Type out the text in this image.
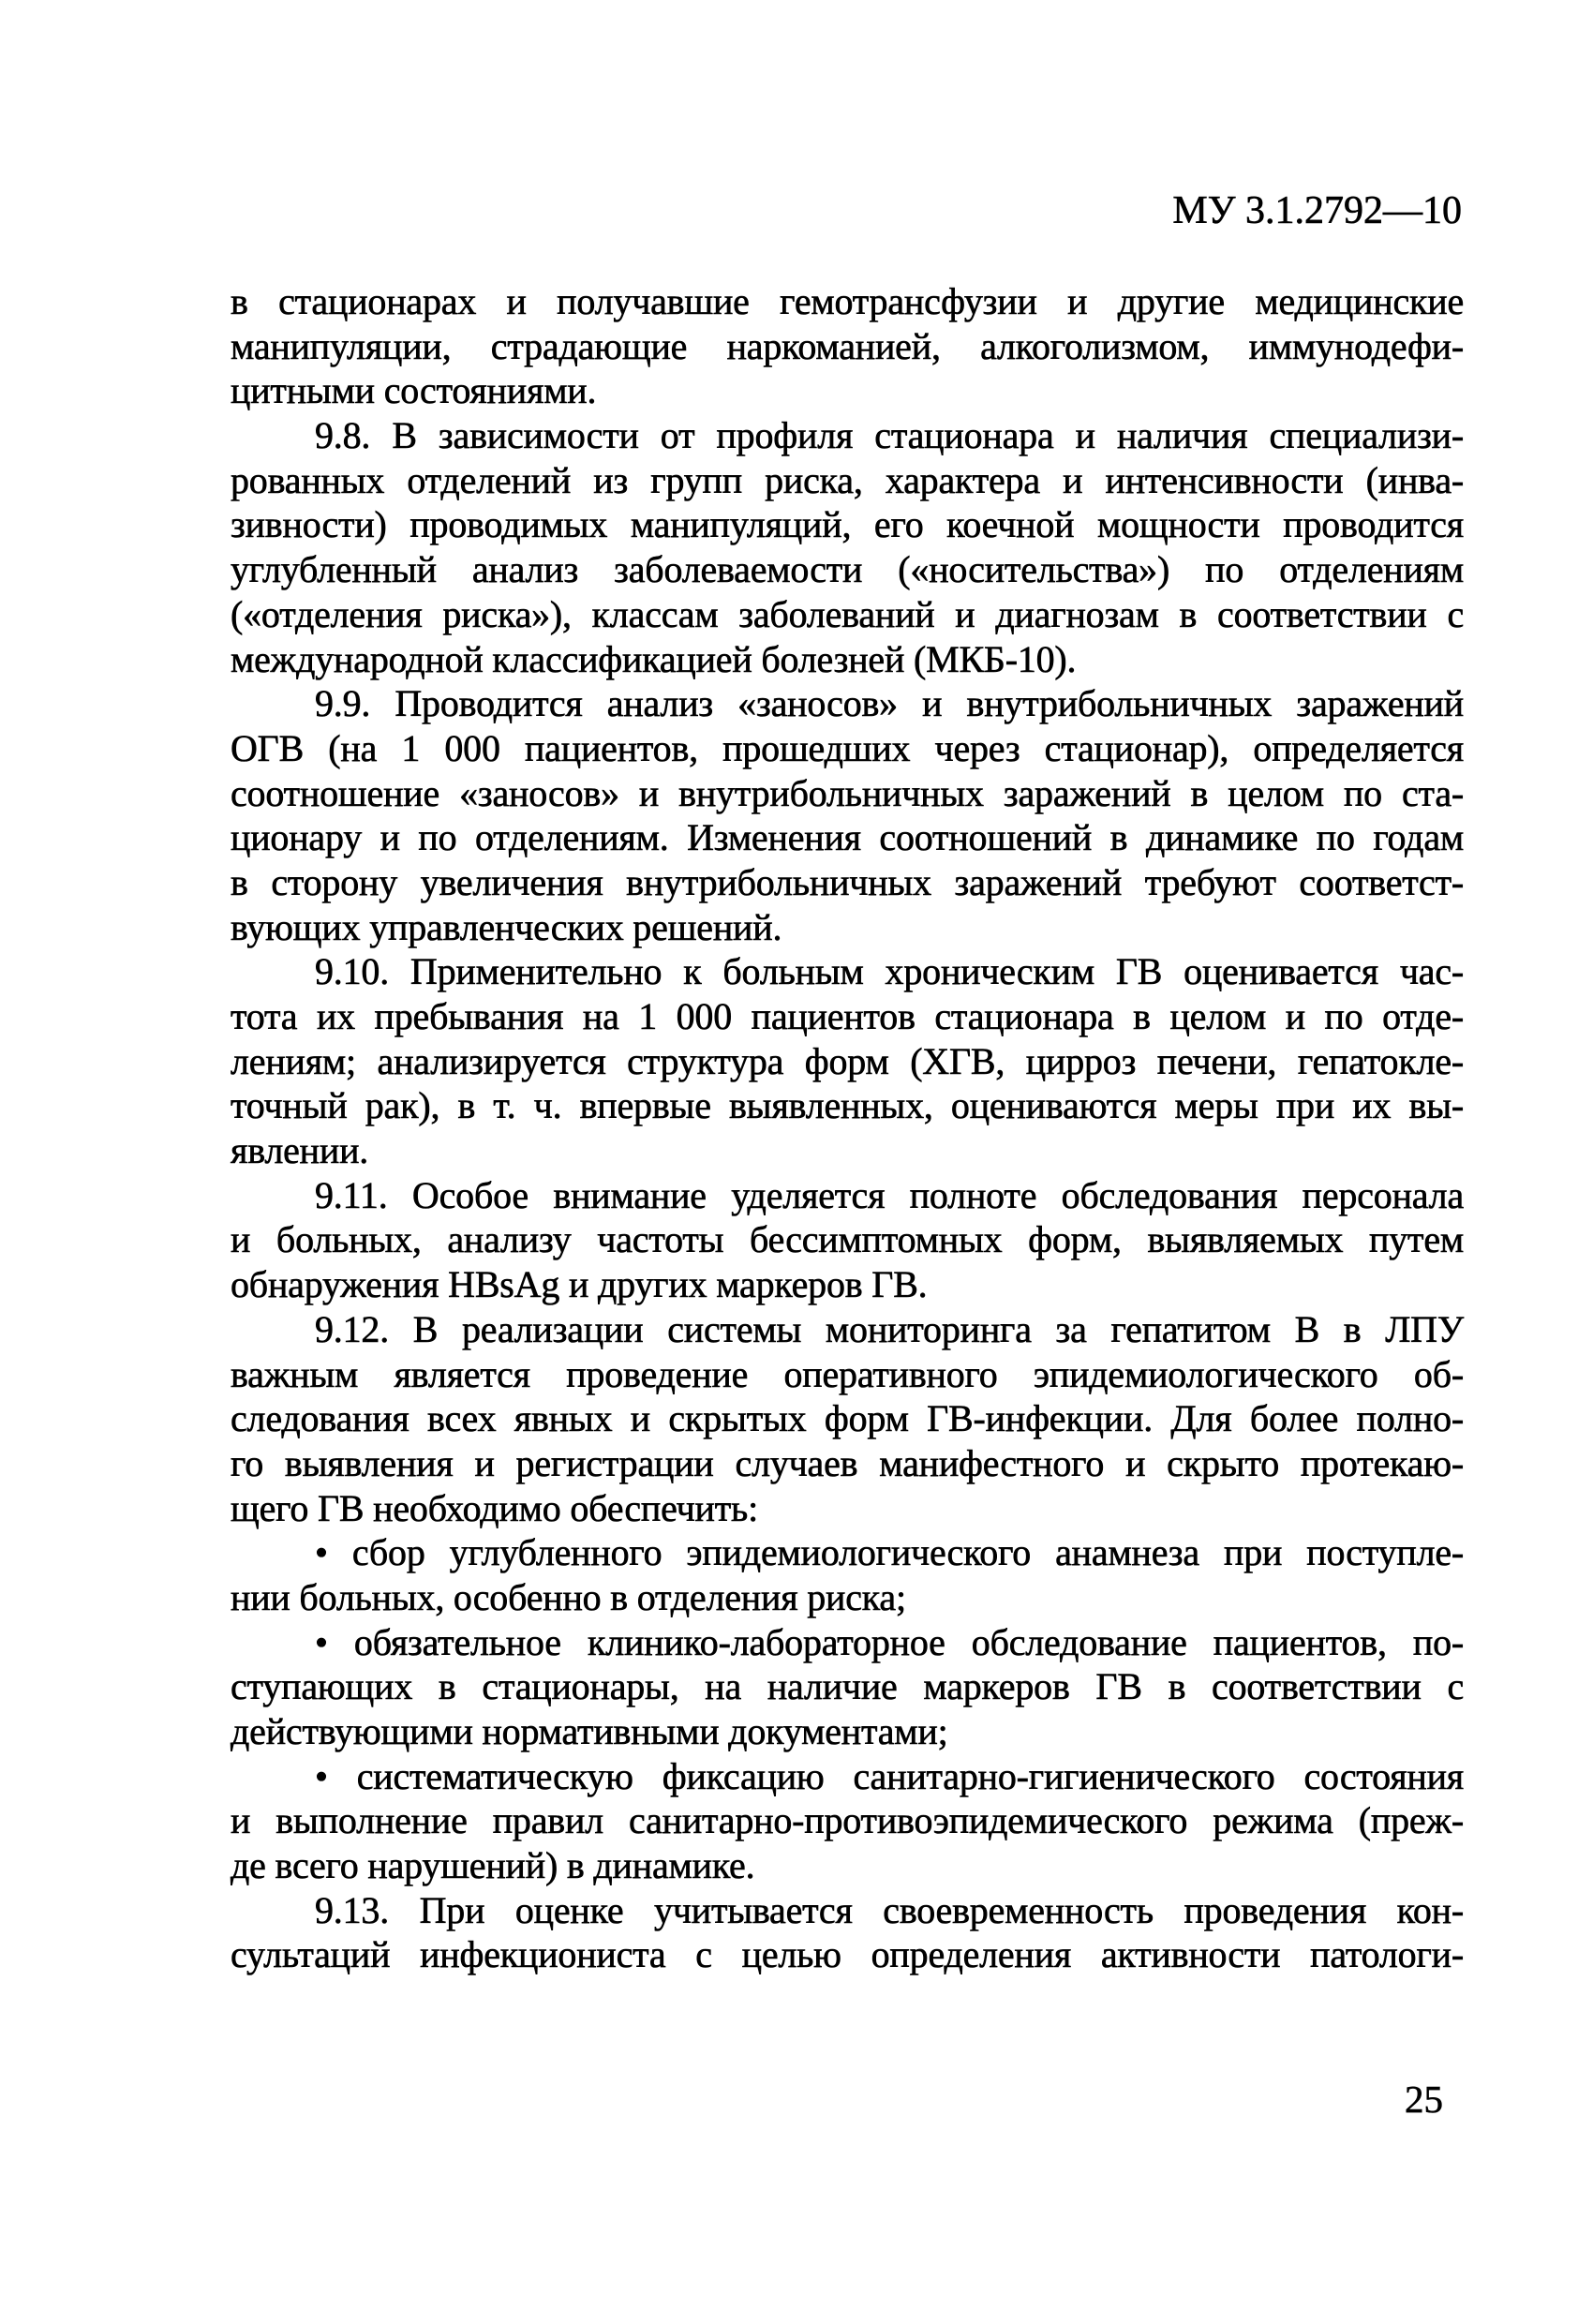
МУ 3.1.2792—10
в стационарах и получавшие гемотрансфузии и другие медицинские
манипуляции, страдающие наркоманией, алкоголизмом, иммунодефи-
цитными состояниями.
9.8. В зависимости от профиля стационара и наличия специализи-
рованных отделений из групп риска, характера и интенсивности (инва-
зивности) проводимых манипуляций, его коечной мощности проводится
углубленный анализ заболеваемости («носительства») по отделениям
(«отделения риска»), классам заболеваний и диагнозам в соответствии с
международной классификацией болезней (МКБ-10).
9.9. Проводится анализ «заносов» и внутрибольничных заражений
ОГВ (на 1 000 пациентов, прошедших через стационар), определяется
соотношение «заносов» и внутрибольничных заражений в целом по ста-
ционару и по отделениям. Изменения соотношений в динамике по годам
в сторону увеличения внутрибольничных заражений требуют соответст-
вующих управленческих решений.
9.10. Применительно к больным хроническим ГВ оценивается час-
тота их пребывания на 1 000 пациентов стационара в целом и по отде-
лениям; анализируется структура форм (ХГВ, цирроз печени, гепатокле-
точный рак), в т. ч. впервые выявленных, оцениваются меры при их вы-
явлении.
9.11. Особое внимание уделяется полноте обследования персонала
и больных, анализу частоты бессимптомных форм, выявляемых путем
обнаружения HBsAg и других маркеров ГВ.
9.12. В реализации системы мониторинга за гепатитом В в ЛПУ
важным является проведение оперативного эпидемиологического об-
следования всех явных и скрытых форм ГВ-инфекции. Для более полно-
го выявления и регистрации случаев манифестного и скрыто протекаю-
щего ГВ необходимо обеспечить:
• сбор углубленного эпидемиологического анамнеза при поступле-
нии больных, особенно в отделения риска;
• обязательное клинико-лабораторное обследование пациентов, по-
ступающих в стационары, на наличие маркеров ГВ в соответствии с
действующими нормативными документами;
• систематическую фиксацию санитарно-гигиенического состояния
и выполнение правил санитарно-противоэпидемического режима (преж-
де всего нарушений) в динамике.
9.13. При оценке учитывается своевременность проведения кон-
сультаций инфекциониста с целью определения активности патологи-
25
